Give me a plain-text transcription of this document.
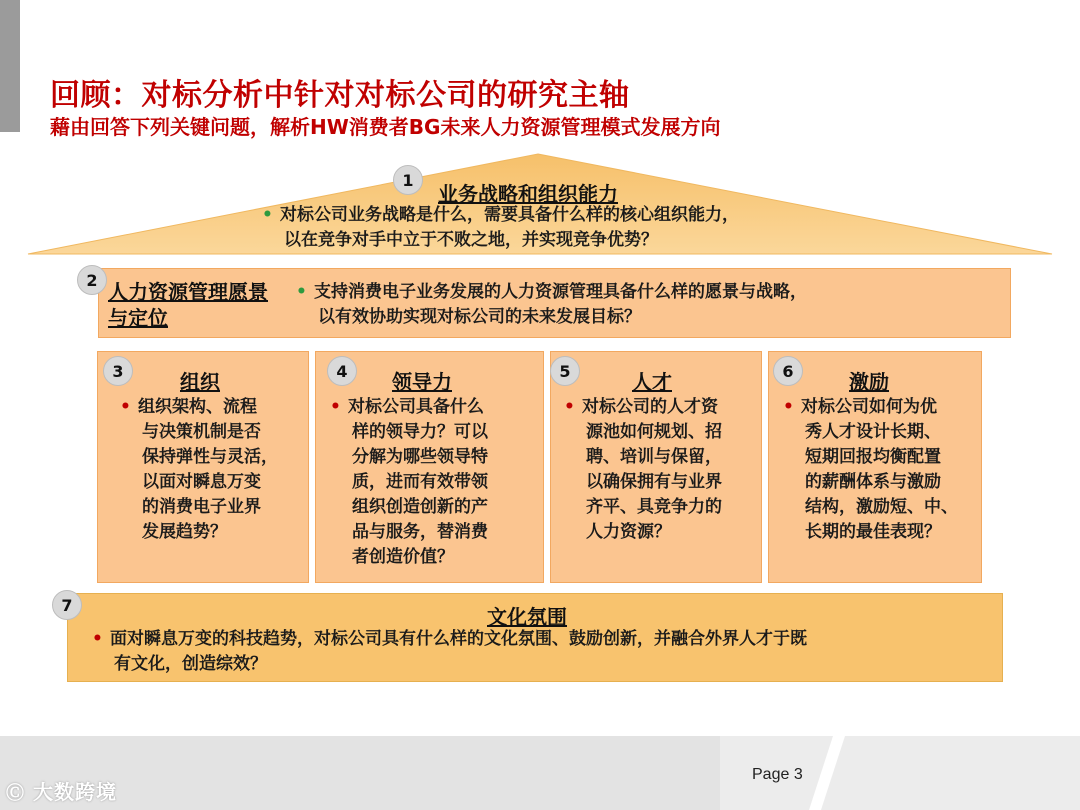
回顾：对标分析中针对对标公司的研究主轴
藉由回答下列关键问题，解析HW消费者BG未来人力资源管理模式发展方向
1
业务战略和组织能力
• 对标公司业务战略是什么，需要具备什么样的核心组织能力，
以在竞争对手中立于不败之地，并实现竞争优势？
2 人力资源管理愿景与定位
• 支持消费电子业务发展的人力资源管理具备什么样的愿景与战略，
以有效协助实现对标公司的未来发展目标？
3	组织
• 组织架构、流程
与决策机制是否
保持弹性与灵活，
以面对瞬息万变
的消费电子业界
发展趋势？
4	领导力
• 对标公司具备什么
样的领导力？可以
分解为哪些领导特
质，进而有效带领
组织创造创新的产
品与服务，替消费
者创造价值？
5	人才
• 对标公司的人才资
源池如何规划、招
聘、培训与保留，
以确保拥有与业界
齐平、具竞争力的
人力资源？
6	激励
• 对标公司如何为优
秀人才设计长期、
短期回报均衡配置
的薪酬体系与激励
结构，激励短、中、
长期的最佳表现？
7	文化氛围
• 面对瞬息万变的科技趋势，对标公司具有什么样的文化氛围、鼓励创新，并融合外界人才于既
有文化，创造综效？
Page 3
Ⓒ 大数跨境
